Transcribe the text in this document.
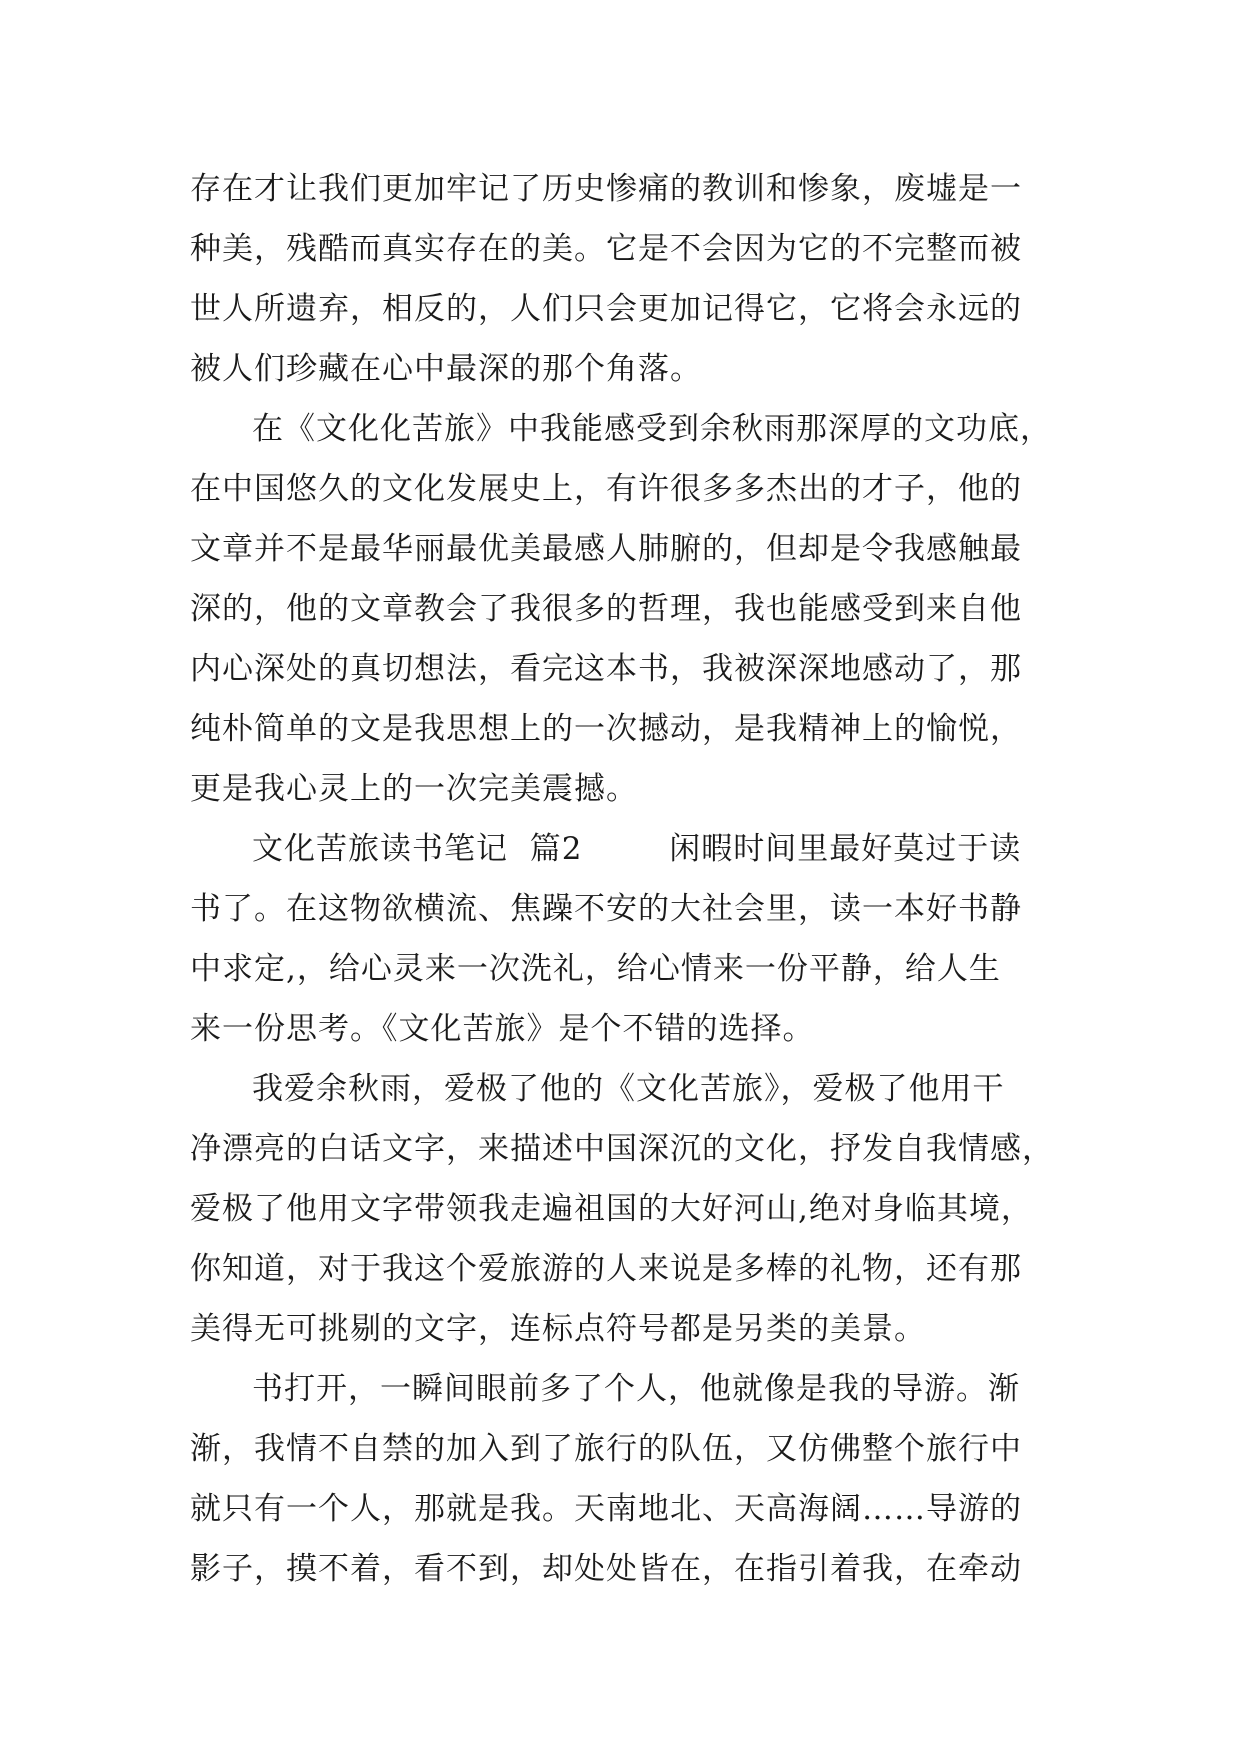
存在才让我们更加牢记了历史惨痛的教训和惨象，废墟是一
种美，残酷而真实存在的美。它是不会因为它的不完整而被
世人所遗弃，相反的，人们只会更加记得它，它将会永远的
被人们珍藏在心中最深的那个角落。
在《文化化苦旅》中我能感受到余秋雨那深厚的文功底，
在中国悠久的文化发展史上，有许很多多杰出的才子，他的
文章并不是最华丽最优美最感人肺腑的，但却是令我感触最
深的，他的文章教会了我很多的哲理，我也能感受到来自他
内心深处的真切想法，看完这本书，我被深深地感动了，那
纯朴简单的文是我思想上的一次撼动，是我精神上的愉悦，
更是我心灵上的一次完美震撼。
文化苦旅读书笔记  篇2        闲暇时间里最好莫过于读
书了。在这物欲横流、焦躁不安的大社会里，读一本好书静
中求定,，给心灵来一次洗礼，给心情来一份平静，给人生
来一份思考。《文化苦旅》是个不错的选择。
我爱余秋雨，爱极了他的《文化苦旅》，爱极了他用干
净漂亮的白话文字，来描述中国深沉的文化，抒发自我情感，
爱极了他用文字带领我走遍祖国的大好河山,绝对身临其境，
你知道，对于我这个爱旅游的人来说是多棒的礼物，还有那
美得无可挑剔的文字，连标点符号都是另类的美景。
书打开，一瞬间眼前多了个人，他就像是我的导游。渐
渐，我情不自禁的加入到了旅行的队伍，又仿佛整个旅行中
就只有一个人，那就是我。天南地北、天高海阔……导游的
影子，摸不着，看不到，却处处皆在，在指引着我，在牵动
